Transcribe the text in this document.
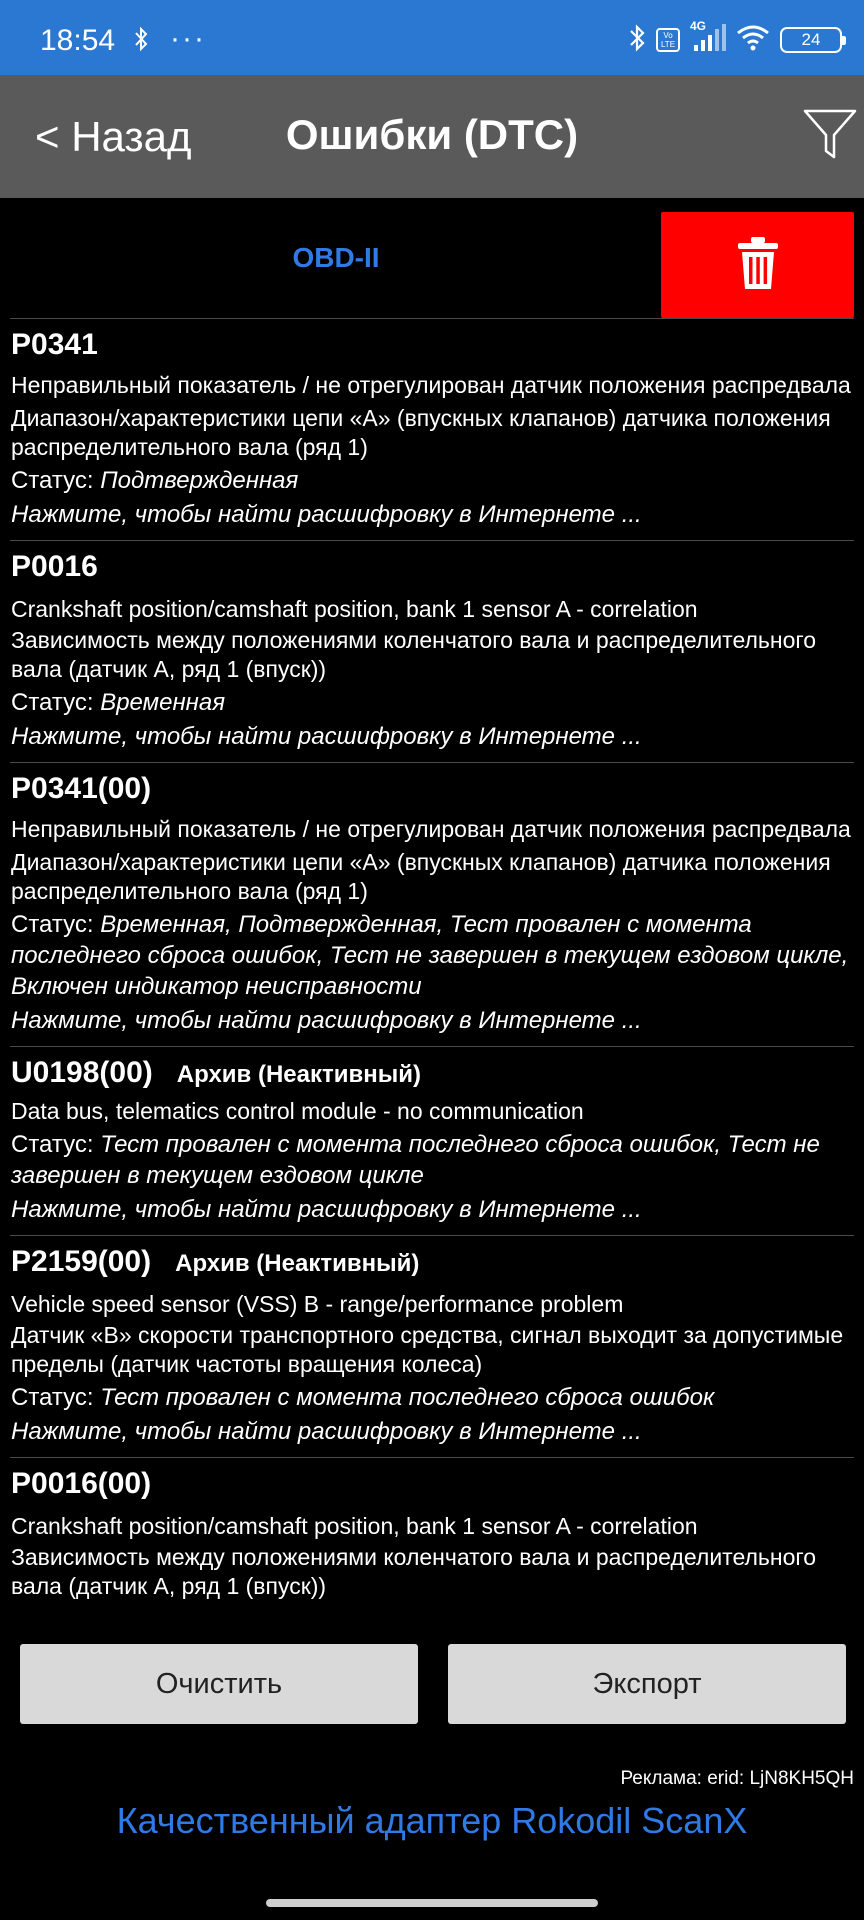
18:54 ···	Vo LTE
4G
24
< Назад	Ошибки (DTC)
OBD-II
P0341
Неправильный показатель / не отрегулирован датчик положения распредвала
Диапазон/характеристики цепи «A» (впускных клапанов) датчика положения распределительного вала (ряд 1)
Статус: Подтвержденная
Нажмите, чтобы найти расшифровку в Интернете ...
P0016
Crankshaft position/camshaft position, bank 1 sensor A - correlation
Зависимость между положениями коленчатого вала и распределительного вала (датчик A, ряд 1 (впуск))
Статус: Временная
Нажмите, чтобы найти расшифровку в Интернете ...
P0341(00)
Неправильный показатель / не отрегулирован датчик положения распредвала
Диапазон/характеристики цепи «A» (впускных клапанов) датчика положения распределительного вала (ряд 1)
Статус: Временная, Подтвержденная, Тест провален с момента последнего сброса ошибок, Тест не завершен в текущем ездовом цикле, Включен индикатор неисправности
Нажмите, чтобы найти расшифровку в Интернете ...
U0198(00) Архив (Неактивный)
Data bus, telematics control module - no communication
Статус: Тест провален с момента последнего сброса ошибок, Тест не завершен в текущем ездовом цикле
Нажмите, чтобы найти расшифровку в Интернете ...
P2159(00) Архив (Неактивный)
Vehicle speed sensor (VSS) B - range/performance problem
Датчик «B» скорости транспортного средства, сигнал выходит за допустимые пределы (датчик частоты вращения колеса)
Статус: Тест провален с момента последнего сброса ошибок
Нажмите, чтобы найти расшифровку в Интернете ...
P0016(00)
Crankshaft position/camshaft position, bank 1 sensor A - correlation
Зависимость между положениями коленчатого вала и распределительного вала (датчик A, ряд 1 (впуск))
Очистить	Экспорт
Реклама: erid: LjN8KH5QH
Качественный адаптер Rokodil ScanX
